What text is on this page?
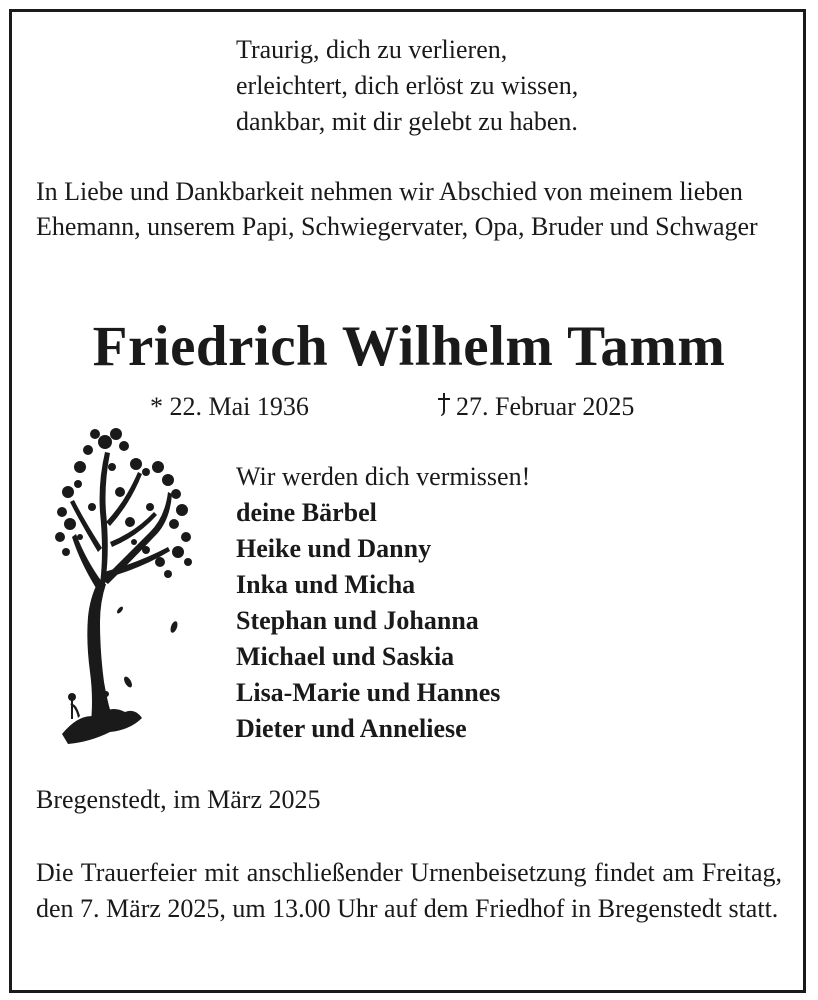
Traurig, dich zu verlieren,
erleichtert, dich erlöst zu wissen,
dankbar, mit dir gelebt zu haben.
In Liebe und Dankbarkeit nehmen wir Abschied von meinem lieben Ehemann, unserem Papi, Schwiegervater, Opa, Bruder und Schwager
Friedrich Wilhelm Tamm
* 22. Mai 1936	27. Februar 2025
Wir werden dich vermissen!
deine Bärbel
Heike und Danny
Inka und Micha
Stephan und Johanna
Michael und Saskia
Lisa-Marie und Hannes
Dieter und Anneliese
Bregenstedt, im März 2025
Die Trauerfeier mit anschließender Urnenbeisetzung findet am Freitag, den 7. März 2025, um 13.00 Uhr auf dem Friedhof in Bregenstedt statt.
